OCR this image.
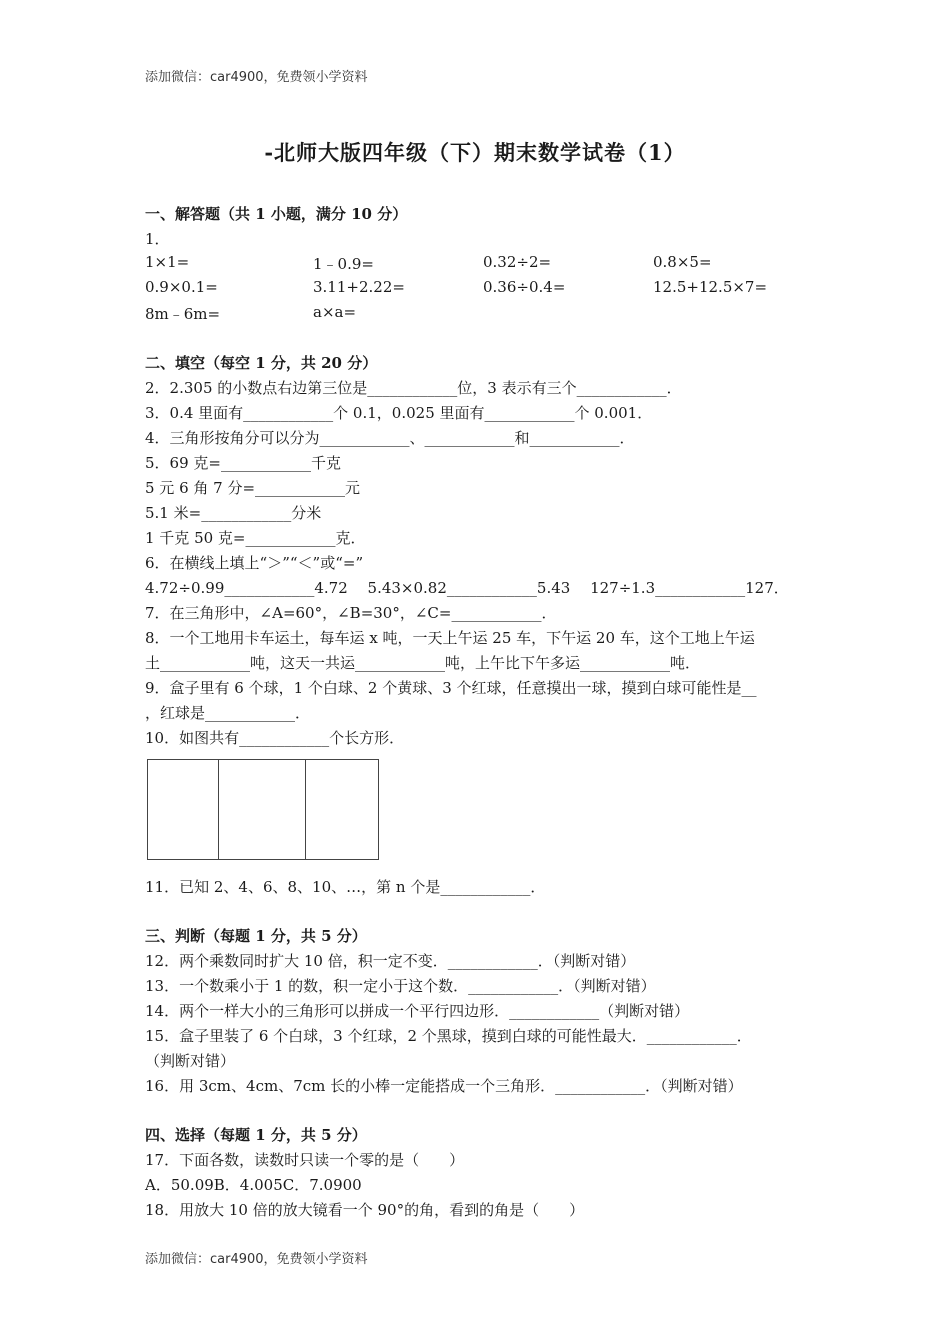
添加微信：car4900，免费领小学资料
-北师大版四年级（下）期末数学试卷（1）
一、解答题（共 1 小题，满分 10 分）
1．
1×1=	1﹣0.9=	0.32÷2=	0.8×5=
0.9×0.1=	3.11+2.22=	0.36÷0.4=	12.5+12.5×7=
8m﹣6m=	a×a=
二、填空（每空 1 分，共 20 分）
2．2.305 的小数点右边第三位是____________位，3 表示有三个____________．
3．0.4 里面有____________个 0.1，0.025 里面有____________个 0.001．
4．三角形按角分可以分为____________、____________和____________．
5．69 克=____________千克
5 元 6 角 7 分=____________元
5.1 米=____________分米
1 千克 50 克=____________克．
6．在横线上填上“＞”“＜”或“=”
4.72÷0.99____________4.72　 5.43×0.82____________5.43　 127÷1.3____________127．
7．在三角形中，∠A=60°，∠B=30°，∠C=____________．
8．一个工地用卡车运土，每车运 x 吨，一天上午运 25 车，下午运 20 车，这个工地上午运
土____________吨，这天一共运____________吨，上午比下午多运____________吨．
9．盒子里有 6 个球，1 个白球、2 个黄球、3 个红球，任意摸出一球，摸到白球可能性是__
，红球是____________．
10．如图共有____________个长方形．
11．已知 2、4、6、8、10、…，第 n 个是____________．
三、判断（每题 1 分，共 5 分）
12．两个乘数同时扩大 10 倍，积一定不变．____________．（判断对错）
13．一个数乘小于 1 的数，积一定小于这个数．____________．（判断对错）
14．两个一样大小的三角形可以拼成一个平行四边形．____________（判断对错）
15．盒子里装了 6 个白球，3 个红球，2 个黑球，摸到白球的可能性最大．____________．
（判断对错）
16．用 3cm、4cm、7cm 长的小棒一定能搭成一个三角形．____________．（判断对错）
四、选择（每题 1 分，共 5 分）
17．下面各数，读数时只读一个零的是（　　）
A．50.09B．4.005C．7.0900
18．用放大 10 倍的放大镜看一个 90°的角，看到的角是（　　）
添加微信：car4900，免费领小学资料
